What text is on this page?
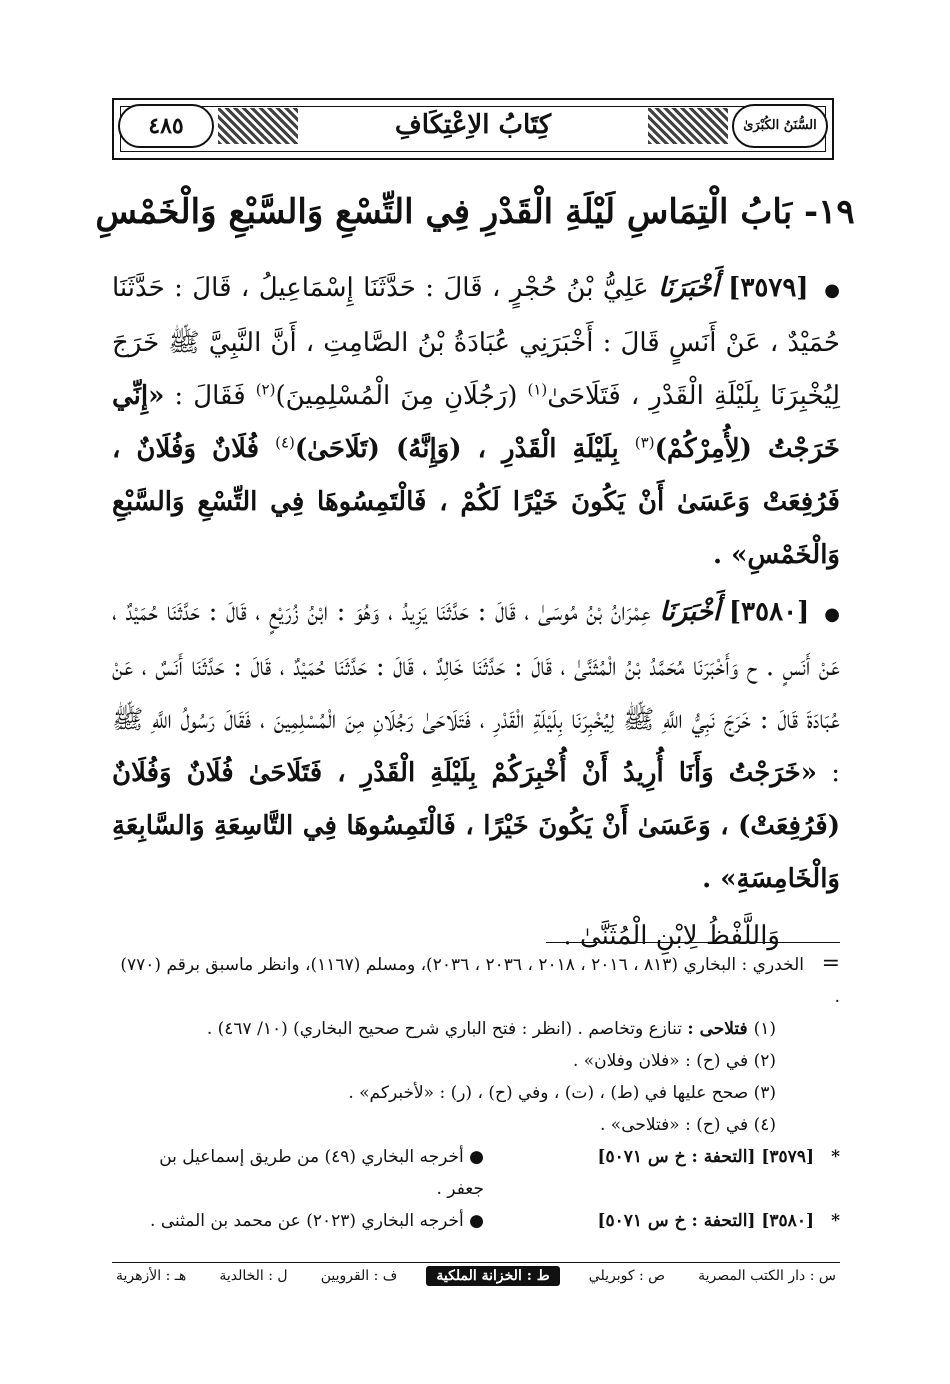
٤٨٥	كِتَابُ الاِعْتِكَافِ	السُّنَنُ الكُبْرَىٰ
١٩- بَابُ الْتِمَاسِ لَيْلَةِ الْقَدْرِ فِي التِّسْعِ وَالسَّبْعِ وَالْخَمْسِ

● [٣٥٧٩] أَخْبَرَنَا عَلِيُّ بْنُ حُجْرٍ ، قَالَ : حَدَّثَنَا إِسْمَاعِيلُ ، قَالَ : حَدَّثَنَا حُمَيْدٌ ، عَنْ أَنَسٍ قَالَ : أَخْبَرَنِي عُبَادَةُ بْنُ الصَّامِتِ ، أَنَّ النَّبِيَّ ﷺ خَرَجَ لِيُخْبِرَنَا بِلَيْلَةِ الْقَدْرِ ، فَتَلَاحَىٰ$^{(١)}$ (رَجُلَانِ مِنَ الْمُسْلِمِينَ)$^{(٢)}$ فَقَالَ : «إِنِّي خَرَجْتُ (لِأُمِرْكُمْ)$^{(٣)}$ بِلَيْلَةِ الْقَدْرِ ، (وَإِنَّهُ) (تَلَاحَىٰ)$^{(٤)}$ فُلَانٌ وَفُلَانٌ ، فَرُفِعَتْ وَعَسَىٰ أَنْ يَكُونَ خَيْرًا لَكُمْ ، فَالْتَمِسُوهَا فِي التِّسْعِ وَالسَّبْعِ وَالْخَمْسِ» .

● [٣٥٨٠] أَخْبَرَنَا عِمْرَانُ بْنُ مُوسَىٰ ، قَالَ : حَدَّثَنَا يَزِيدُ ، وَهُوَ : ابْنُ زُرَيْعٍ ، قَالَ : حَدَّثَنَا حُمَيْدٌ ، عَنْ أَنَسٍ . ح وَأَخْبَرَنَا مُحَمَّدُ بْنُ الْمُثَنَّىٰ ، قَالَ : حَدَّثَنَا خَالِدٌ ، قَالَ : حَدَّثَنَا حُمَيْدٌ ، قَالَ : حَدَّثَنَا أَنَسٌ ، عَنْ عُبَادَةَ قَالَ : خَرَجَ نَبِيُّ اللَّهِ ﷺ لِيُخْبِرَنَا بِلَيْلَةِ الْقَدْرِ ، فَتَلَاحَىٰ رَجُلَانِ مِنَ الْمُسْلِمِينَ ، فَقَالَ رَسُولُ اللَّهِ ﷺ : «خَرَجْتُ وَأَنَا أُرِيدُ أَنْ أُخْبِرَكُمْ بِلَيْلَةِ الْقَدْرِ ، فَتَلَاحَىٰ فُلَانٌ وَفُلَانٌ (فَرُفِعَتْ) ، وَعَسَىٰ أَنْ يَكُونَ خَيْرًا ، فَالْتَمِسُوهَا فِي التَّاسِعَةِ وَالسَّابِعَةِ وَالْخَامِسَةِ» .

وَاللَّفْظُ لِابْنِ الْمُثَنَّىٰ .

=الخدري : البخاري (٨١٣ ، ٢٠١٦ ، ٢٠١٨ ، ٢٠٣٦ ، ٢٠٣٦)، ومسلم (١١٦٧)، وانظر ماسبق برقم (٧٧٠) .

(١) فتلاحى : تنازع وتخاصم . (انظر : فتح الباري شرح صحيح البخاري) (١٠/ ٤٦٧) .

(٢) في (ح) : «فلان وفلان» .

(٣) صحح عليها في (ط) ، (ت) ، وفي (ح) ، (ر) : «لأخبركم» .

(٤) في (ح) : «فتلاحى» .

*
[٣٥٧٩] [التحفة : خ س ٥٠٧١]
● أخرجه البخاري (٤٩) من طريق إسماعيل بن جعفر .
*
[٣٥٨٠] [التحفة : خ س ٥٠٧١]
● أخرجه البخاري (٢٠٢٣) عن محمد بن المثنى .
س : دار الكتب المصرية
ص : كوبريلي
ط : الخزانة الملكية
ف : القرويين
ل : الخالدية
هـ : الأزهرية
